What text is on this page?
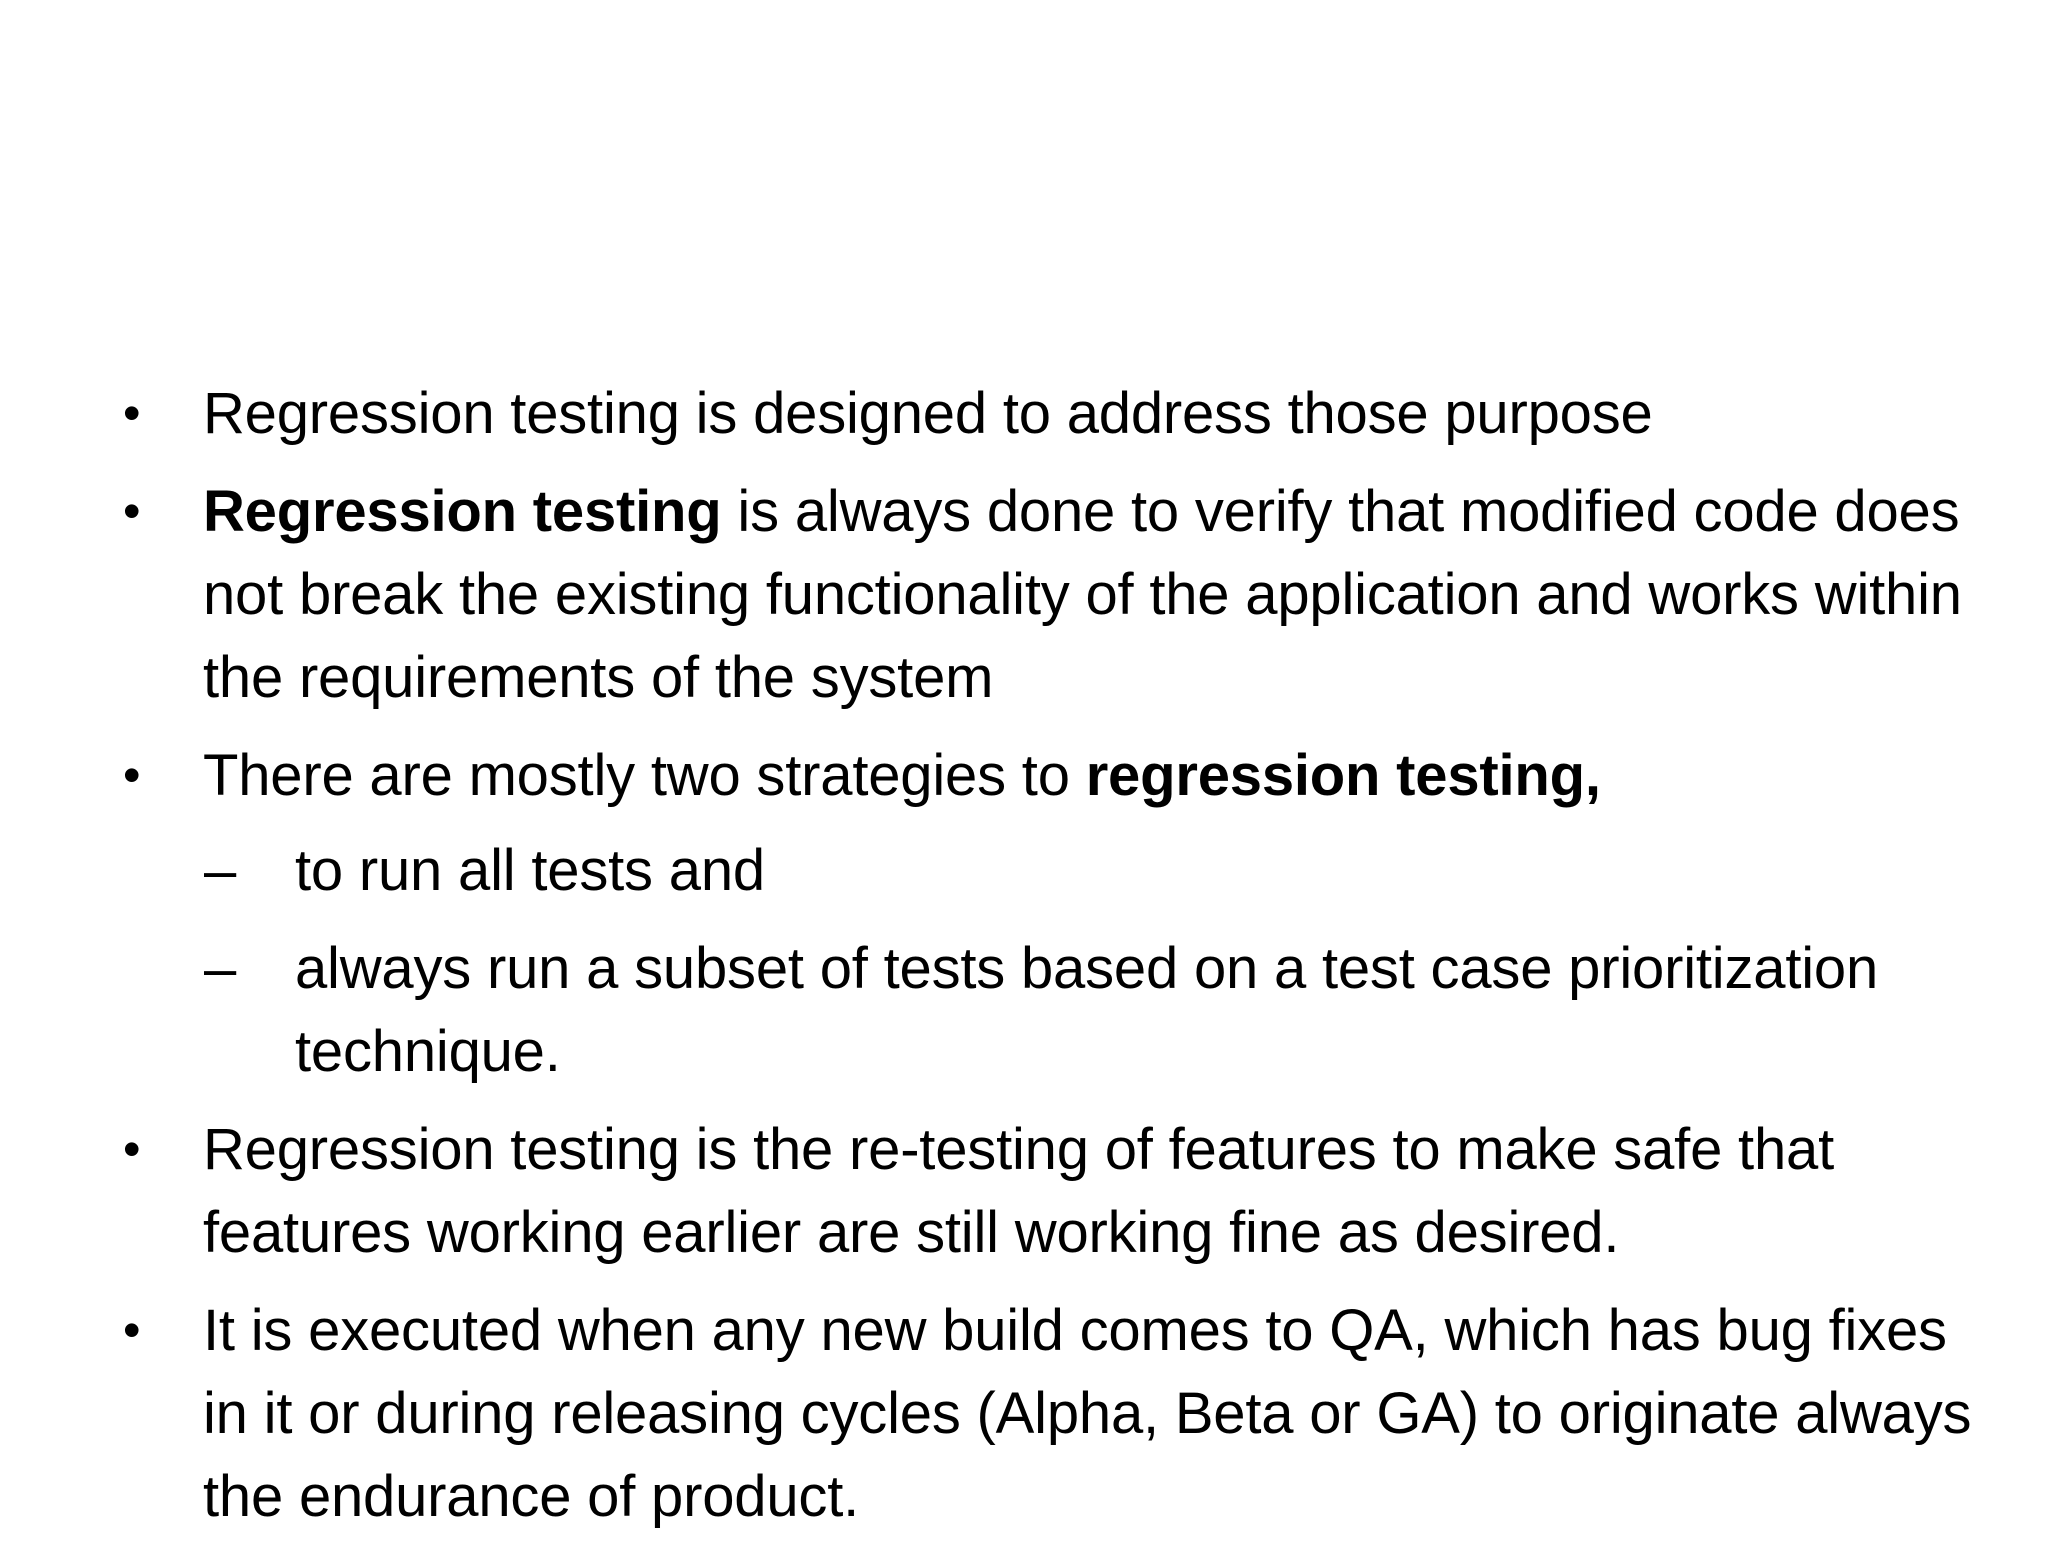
•	Regression testing is designed to address those purpose
•	Regression testing is always done to verify that modified code does not break the existing functionality of the application and works within the requirements of the system
•	There are mostly two strategies to regression testing,
–	to run all tests and
–	always run a subset of tests based on a test case prioritization technique.
•	Regression testing is the re-testing of features to make safe that features working earlier are still working fine as desired.
•	It is executed when any new build comes to QA, which has bug fixes in it or during releasing cycles (Alpha, Beta or GA) to originate always the endurance of product.
